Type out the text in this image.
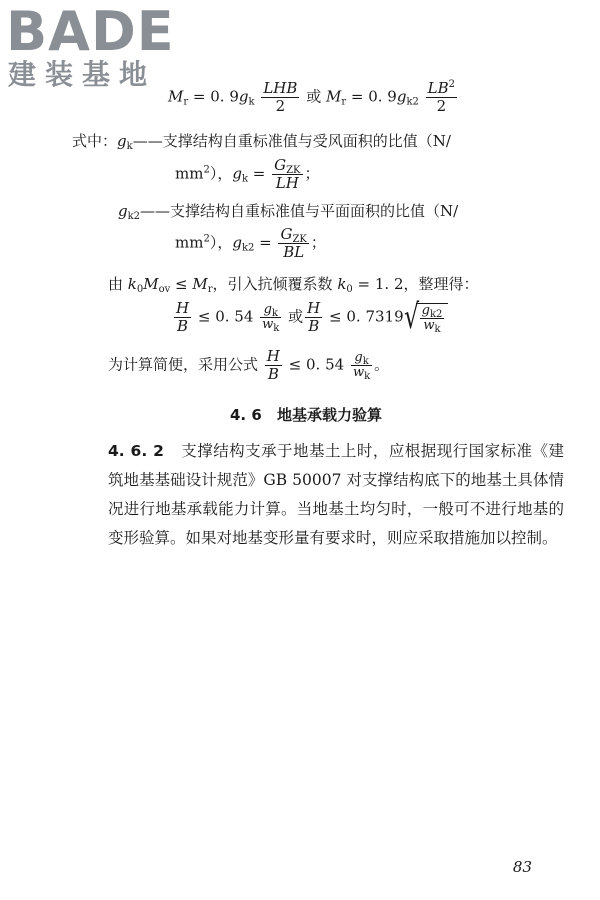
BADE
建装基地
$M_r = 0$. $9g_k \frac{\text{LHB}}{2}$ 或 $M_r = 0$. $9g_{k2} \frac{LB^2}{2}$
式中：$g_k——$支撑结构自重标准值与受风面积的比值（N/
$mm^2$），$g_k = \frac{G_{ZK}}{LH}$ ；
$g_{k2}——$支撑结构自重标准值与平面面积的比值（N/
$mm^2$），$g_{k2} = \frac{G_{ZK}}{BL}$ ；
由 $k_0M_{ov} \le M_r$，引入抗倾覆系数 $k_0 = 1$. 2，整理得：
$\frac{H}{B} \le 0$. $54 \frac{g_k}{w_k}$ 或 $\frac{H}{B} \le 0$. 7319 √ $\frac{g_{k2}}{w_k}$
为计算简便，采用公式 $\frac{H}{B} \le 0$. $54 \frac{g_k}{w_k}$ 。
4. 6 地基承载力验算
4. 6. 2 支撑结构支承于地基土上时，应根据现行国家标准《建筑地基基础设计规范》GB 50007 对支撑结构底下的地基土具体情况进行地基承载能力计算。当地基土均匀时，一般可不进行地基的变形验算。如果对地基变形量有要求时，则应采取措施加以控制。
83
